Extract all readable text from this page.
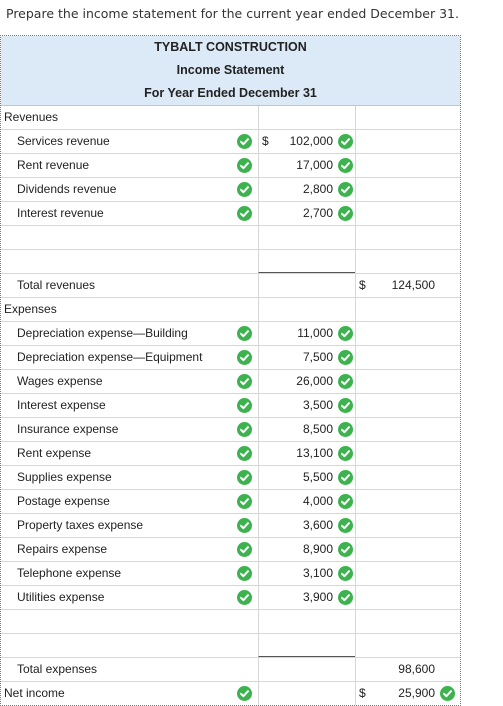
Prepare the income statement for the current year ended December 31.
TYBALT CONSTRUCTION
Income Statement
For Year Ended December 31
Revenues
Services revenue	$ 102,000
Rent revenue	17,000
Dividends revenue	2,800
Interest revenue	2,700
Total revenues	$ 124,500
Expenses
Depreciation expense—Building	11,000
Depreciation expense—Equipment	7,500
Wages expense	26,000
Interest expense	3,500
Insurance expense	8,500
Rent expense	13,100
Supplies expense	5,500
Postage expense	4,000
Property taxes expense	3,600
Repairs expense	8,900
Telephone expense	3,100
Utilities expense	3,900
Total expenses	98,600
Net income	$	25,900
